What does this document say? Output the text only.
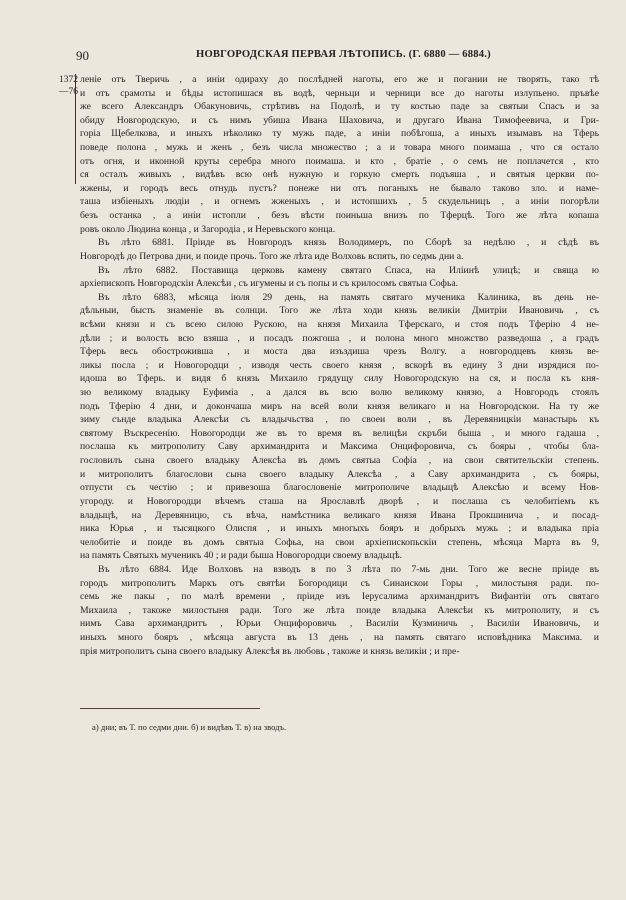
90	НОВГОРОДСКАЯ ПЕРВАЯ ЛѢТОПИСЬ. (Г. 6880 — 6884.)
1372
—76
ленiе отъ Тверичь , а инiи одираху до послѣдней наготы, его же и погании не творять, тако тѣ
и отъ срамоты и бѣды истопишася въ водѣ, черньци и черници все до наготы излупьено. пръвѣе
же всего Александръ Обакуновичь, стрѣтивъ на Подолѣ, и ту костью паде за святыи Спасъ и за
обиду Новгородскую, и съ нимъ убиша Ивана Шаховича, и другаго Ивана Тимофеевича, и Гри-
горiа Щебелкова, и иныхъ нѣколико ту мужь паде, а инiи побѣгоша, а иныхъ изымавъ на Тферь
поведе полона , мужь и женъ , безъ числа множество ; а и товара много поимаша , что ся остало
отъ огня, и иконной круты серебра много поимаша. и кто , братiе , о семъ не поплачется , кто
ся осталъ живыхъ , видѣвъ всю онѣ нужную и горкую смерть подъяша , и святыя церкви по-
жжены, и городъ весь отнудь пустъ? понеже ни отъ поганыхъ не бывало таково зло. и наме-
таша избiеныхъ людiи , и огнемъ жженыхъ , и истопшихъ , 5 скудельницъ , а инiи погорѣли
безъ останка , а инiи истопли , безъ вѣсти поиньша внизъ по Тферцѣ. Того же лѣта копаша
ровъ около Людина конца , и Загородiа , и Неревьского конца.
Въ лѣто 6881. Прiиде въ Новгородъ князь Володимеръ, по Сборѣ за недѣлю , и сѣдѣ въ
Новгородѣ до Петрова дни, и поиде прочь. Того же лѣта иде Волховь вспять, по седмь дни а.
Въ лѣто 6882. Поставища церковь камену святаго Спаса, на Илiинѣ улицѣ; и свяща ю
архiепископъ Новгородскiи Алексѣи , съ игумены и съ попы и съ крилосомъ святыа Софьа.
Въ лѣто 6883, мѣсяца iюля 29 день, на память святаго мученика Калиника, въ день не-
дѣльныи, бысть знаменiе въ солнци. Того же лѣта ходи князь великiи Дмитрiи Ивановичь , съ
всѣми князи и съ всею силою Рускою, на князя Михаила Тферскаго, и стоя подъ Тферiю 4 не-
дѣли ; и волость всю взяша , и посадъ пожгоша , и полона много множство разведоша , а градъ
Тферь весь обостроживша , и моста два изъздиша чрезъ Волгу. а новгородцевъ князь ве-
ликы посла ; и Новогородци , изводя честь своего князя , вскорѣ въ едину 3 дни изрядися по-
идоша во Тферь. и видя б князь Михаило грядущу силу Новогородскую на ся, и посла къ кня-
зю великому владыку Еуфимiа , а дался въ всю волю великому князю, а Новгородъ стоялъ
подъ Тферiю 4 дни, и докончаша миръ на всей воли князя великаго и на Новгородскои. На ту же
зиму сънде владыка Алексѣи съ владычьства , по своеи воли , въ Деревяницкiи манастырь къ
святому Въскресенiю. Новогородци же въ то время въ велицѣи скръби быша , и много гадаша ,
послаша къ митрополиту Саву архимандрита и Максима Онцифоровича, съ бояры , чтобы бла-
гословилъ сына своего владыку Алексѣа въ домъ святыа Софiа , на свои святительскiи степень.
и митрополитъ благослови сына своего владыку Алексѣа , а Саву архимандрита , съ бояры,
отпусти съ честiю ; и привезоша благословенiе митрополиче владыцѣ Алексѣю и всему Нов-
угороду. и Новогородци вѣчемъ сташа на Ярославлѣ дворѣ , и послаша съ челобитiемъ къ
владыцѣ, на Деревяницю, съ вѣча, намѣстника великаго князя Ивана Прокшинича , и посад-
ника Юрья , и тысяцкого Олиспя , и иныхъ многыхъ бояръ и добрыхъ мужь ; и владыка прiа
челобитiе и поиде въ домъ святыа Софьа, на свои архiепископьскiи степень, мѣсяца Марта въ 9,
на память Святыхъ мученикъ 40 ; и ради быша Новогородци своему владыцѣ.
Въ лѣто 6884. Иде Волховъ на взводъ в по 3 лѣта по 7-мь дни. Того же весне прiиде въ
городъ митрополитъ Маркъ отъ святѣи Богородици съ Синаискои Горы , милостыня ради. по-
семь же пакы , по малѣ времени , прiиде изъ Iерусалима архимандритъ Вифантiи отъ святаго
Михаила , такоже милостыня ради. Того же лѣта поиде владыка Алексѣи къ митрополиту, и съ
нимъ Сава архимандритъ , Юрьи Онцифоровичь , Василiи Кузминичь , Василiи Ивановичь, и
иныхъ много бояръ , мѣсяца августа въ 13 день , на память святаго исповѣдника Максима. и
прiя митрополитъ сына своего владыку Алексѣя въ любовь , такоже и князь великiи ; и пре-
а) дни; въ Т. по седми дни. б) и видѣвъ Т. в) на зводъ.
